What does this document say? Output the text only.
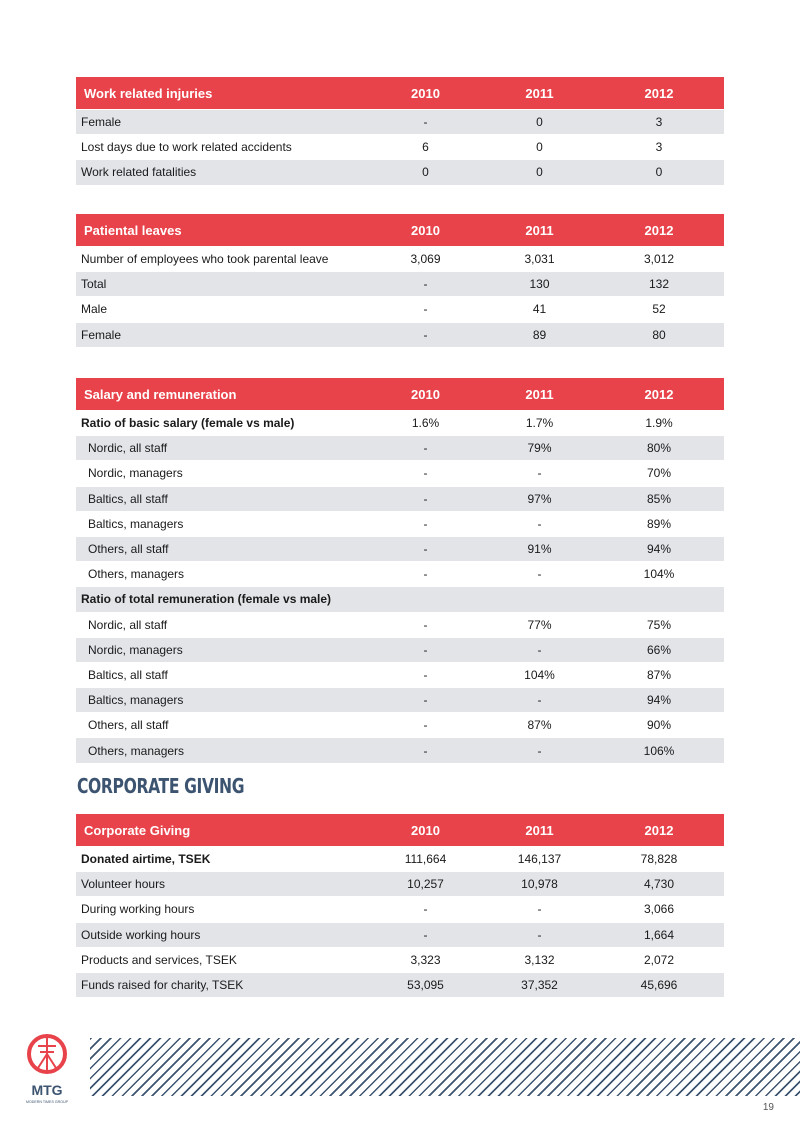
Work related injuries	2010	2011	2012
Female	-	0	3
Lost days due to work related accidents	6	0	3
Work related fatalities	0	0	0
Patiental leaves	2010	2011	2012
Number of employees who took parental leave	3,069	3,031	3,012
Total	-	130	132
Male	-	41	52
Female	-	89	80
Salary and remuneration	2010	2011	2012
Ratio of basic salary (female vs male)	1.6%	1.7%	1.9%
Nordic, all staff	-	79%	80%
Nordic, managers	-	-	70%
Baltics, all staff	-	97%	85%
Baltics, managers	-	-	89%
Others, all staff	-	91%	94%
Others, managers	-	-	104%
Ratio of total remuneration (female vs male)			
Nordic, all staff	-	77%	75%
Nordic, managers	-	-	66%
Baltics, all staff	-	104%	87%
Baltics, managers	-	-	94%
Others, all staff	-	87%	90%
Others, managers	-	-	106%
CORPORATE GIVING
Corporate Giving	2010	2011	2012
Donated airtime, TSEK	111,664	146,137	78,828
Volunteer hours	10,257	10,978	4,730
During working hours	-	-	3,066
Outside working hours	-	-	1,664
Products and services, TSEK	3,323	3,132	2,072
Funds raised for charity, TSEK	53,095	37,352	45,696
MTG
MODERN TIMES GROUP	19
